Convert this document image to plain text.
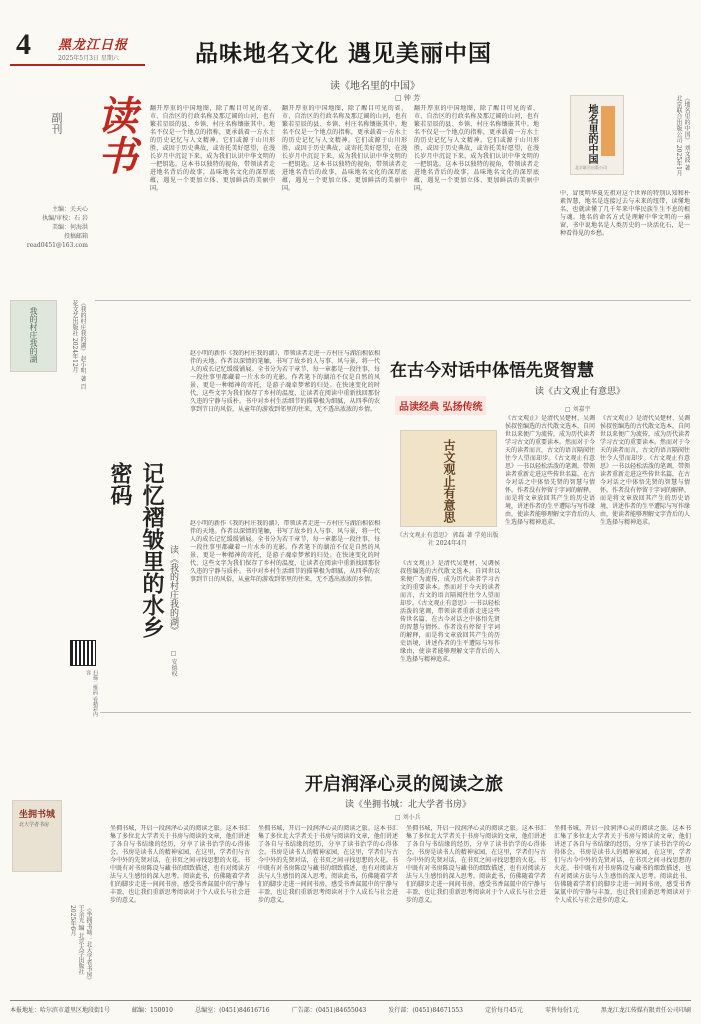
4 黑龙江日报
2025年5月3日 星期六	品味地名文化 遇见美丽中国
读《地名里的中国》
□ 钟 芳
副刊 读书
主编：关天心
执编/审校：石 岩
美编：何海洪
投稿邮箱
read0451@163.com
翻开厚重的中国地图，除了醒目可见的省、市、自治区的行政名称及那辽阔的山河，也有繁若星辰的县、乡镇、村庄名称镶嵌其中。地名不仅是一个地点的指称，更承载着一方水土的历史记忆与人文精神。它们或源于山川形胜，或因于历史典故，或寄托美好愿望，在漫长岁月中沉淀下来，成为我们认识中华文明的一把钥匙。这本书以独特的视角，带领读者走进地名背后的故事，品味地名文化的深厚底蕴，遇见一个更加立体、更加鲜活的美丽中国。
翻开厚重的中国地图，除了醒目可见的省、市、自治区的行政名称及那辽阔的山河，也有繁若星辰的县、乡镇、村庄名称镶嵌其中。地名不仅是一个地点的指称，更承载着一方水土的历史记忆与人文精神。它们或源于山川形胜，或因于历史典故，或寄托美好愿望，在漫长岁月中沉淀下来，成为我们认识中华文明的一把钥匙。这本书以独特的视角，带领读者走进地名背后的故事，品味地名文化的深厚底蕴，遇见一个更加立体、更加鲜活的美丽中国。
翻开厚重的中国地图，除了醒目可见的省、市、自治区的行政名称及那辽阔的山河，也有繁若星辰的县、乡镇、村庄名称镶嵌其中。地名不仅是一个地点的指称，更承载着一方水土的历史记忆与人文精神。它们或源于山川形胜，或因于历史典故，或寄托美好愿望，在漫长岁月中沉淀下来，成为我们认识中华文明的一把钥匙。这本书以独特的视角，带领读者走进地名背后的故事，品味地名文化的深厚底蕴，遇见一个更加立体、更加鲜活的美丽中国。
地名里的中国
北京联合出版公司	《地名里的中国》 刘文波 著 北京联合出版公司 2025年1月
中，冒度明华夏先祖对这个世界的特别认知和朴素智慧，地名是连接过去与未来的纽带，读懂地名，也就读懂了几千年来中华民族生生不息的根与魂。地名的命名方式是理解中华文明的一扇窗，书中说地名是人类历史的一块活化石，是一种看得见的乡愁。
我的村庄我的湖	《我的村庄我的湖》 赵小明 著 百花文艺出版社 2024年12月
记忆褶皱里的水乡密码
读《我的村庄我的湖》
□ 安德权
赵小明的新作《我的村庄我的湖》，带领读者走进一方村庄与湖泊相依相伴的天地。作者以深情的笔触，书写了故乡的人与事、风与景，将一代人的成长记忆缓缓铺展。全书分为若干章节，每一章都是一段往事，每一段往事里都藏着一片水乡的光影。作者笔下的湖泊不仅是自然的风景，更是一种精神的寄托，是游子魂牵梦萦的归处。在快速变化的时代，这些文字为我们保存了乡村的温度，让读者在阅读中重新找回那份久违的宁静与质朴。书中对乡村生活细节的描摹极为细腻，从四季的农事到节日的风俗，从童年的游戏到邻里的往来，无不透出浓浓的乡情。
赵小明的新作《我的村庄我的湖》，带领读者走进一方村庄与湖泊相依相伴的天地。作者以深情的笔触，书写了故乡的人与事、风与景，将一代人的成长记忆缓缓铺展。全书分为若干章节，每一章都是一段往事，每一段往事里都藏着一片水乡的光影。作者笔下的湖泊不仅是自然的风景，更是一种精神的寄托，是游子魂牵梦萦的归处。在快速变化的时代，这些文字为我们保存了乡村的温度，让读者在阅读中重新找回那份久违的宁静与质朴。书中对乡村生活细节的描摹极为细腻，从四季的农事到节日的风俗，从童年的游戏到邻里的往来，无不透出浓浓的乡情。
扫描二维码 看精彩内容
品读经典 弘扬传统
在古今对话中体悟先贤智慧
读《古文观止有意思》
□ 刘嘉宇
古文观止有意思
《古文观止有意思》 郭磊 著 学苑出版社 2024年4月
《古文观止》是清代吴楚材、吴调侯叔侄编选的古代散文选本，自问世以来便广为流传，成为历代读者学习古文的重要读本。然而对于今天的读者而言，古文的语言隔阂往往令人望而却步。《古文观止有意思》一书以轻松活泼的笔调，带领读者重新走进这些传世名篇，在古今对话之中体悟先贤的智慧与情怀。作者没有停留于字词的解释，而是将文章放回其产生的历史语境，讲述作者的生平遭际与写作缘由，使读者能够理解文字背后的人生选择与精神追求。
《古文观止》是清代吴楚材、吴调侯叔侄编选的古代散文选本，自问世以来便广为流传，成为历代读者学习古文的重要读本。然而对于今天的读者而言，古文的语言隔阂往往令人望而却步。《古文观止有意思》一书以轻松活泼的笔调，带领读者重新走进这些传世名篇，在古今对话之中体悟先贤的智慧与情怀。作者没有停留于字词的解释，而是将文章放回其产生的历史语境，讲述作者的生平遭际与写作缘由，使读者能够理解文字背后的人生选择与精神追求。
《古文观止》是清代吴楚材、吴调侯叔侄编选的古代散文选本，自问世以来便广为流传，成为历代读者学习古文的重要读本。然而对于今天的读者而言，古文的语言隔阂往往令人望而却步。《古文观止有意思》一书以轻松活泼的笔调，带领读者重新走进这些传世名篇，在古今对话之中体悟先贤的智慧与情怀。作者没有停留于字词的解释，而是将文章放回其产生的历史语境，讲述作者的生平遭际与写作缘由，使读者能够理解文字背后的人生选择与精神追求。
坐拥书城
北大学者书房
《坐拥书城：北大学者书房》 王余光 编 北京大学出版社 2025年6月
开启润泽心灵的阅读之旅
读《坐拥书城：北大学者书房》
□ 刘小兵
坐拥书城，开启一段润泽心灵的阅读之旅。这本书汇集了多位北大学者关于书房与阅读的文章，他们讲述了各自与书结缘的经历，分享了读书治学的心得体会。书房是读书人的精神家园，在这里，学者们与古今中外的先贤对话，在书页之间寻找思想的火花。书中既有对书房陈设与藏书的细致描述，也有对阅读方法与人生感悟的深入思考。阅读此书，仿佛随着学者们的脚步走进一间间书房，感受书香氤氲中的宁静与丰盈，也让我们重新思考阅读对于个人成长与社会进步的意义。
坐拥书城，开启一段润泽心灵的阅读之旅。这本书汇集了多位北大学者关于书房与阅读的文章，他们讲述了各自与书结缘的经历，分享了读书治学的心得体会。书房是读书人的精神家园，在这里，学者们与古今中外的先贤对话，在书页之间寻找思想的火花。书中既有对书房陈设与藏书的细致描述，也有对阅读方法与人生感悟的深入思考。阅读此书，仿佛随着学者们的脚步走进一间间书房，感受书香氤氲中的宁静与丰盈，也让我们重新思考阅读对于个人成长与社会进步的意义。
坐拥书城，开启一段润泽心灵的阅读之旅。这本书汇集了多位北大学者关于书房与阅读的文章，他们讲述了各自与书结缘的经历，分享了读书治学的心得体会。书房是读书人的精神家园，在这里，学者们与古今中外的先贤对话，在书页之间寻找思想的火花。书中既有对书房陈设与藏书的细致描述，也有对阅读方法与人生感悟的深入思考。阅读此书，仿佛随着学者们的脚步走进一间间书房，感受书香氤氲中的宁静与丰盈，也让我们重新思考阅读对于个人成长与社会进步的意义。
坐拥书城，开启一段润泽心灵的阅读之旅。这本书汇集了多位北大学者关于书房与阅读的文章，他们讲述了各自与书结缘的经历，分享了读书治学的心得体会。书房是读书人的精神家园，在这里，学者们与古今中外的先贤对话，在书页之间寻找思想的火花。书中既有对书房陈设与藏书的细致描述，也有对阅读方法与人生感悟的深入思考。阅读此书，仿佛随着学者们的脚步走进一间间书房，感受书香氤氲中的宁静与丰盈，也让我们重新思考阅读对于个人成长与社会进步的意义。
本报地址：哈尔滨市道里区地段街1号	邮编：150010	总编室：(0451)84616716	广告部：(0451)84655043	发行部：(0451)84671553	定价每月45元	零售每份1元	黑龙江龙江传媒有限责任公司印刷
